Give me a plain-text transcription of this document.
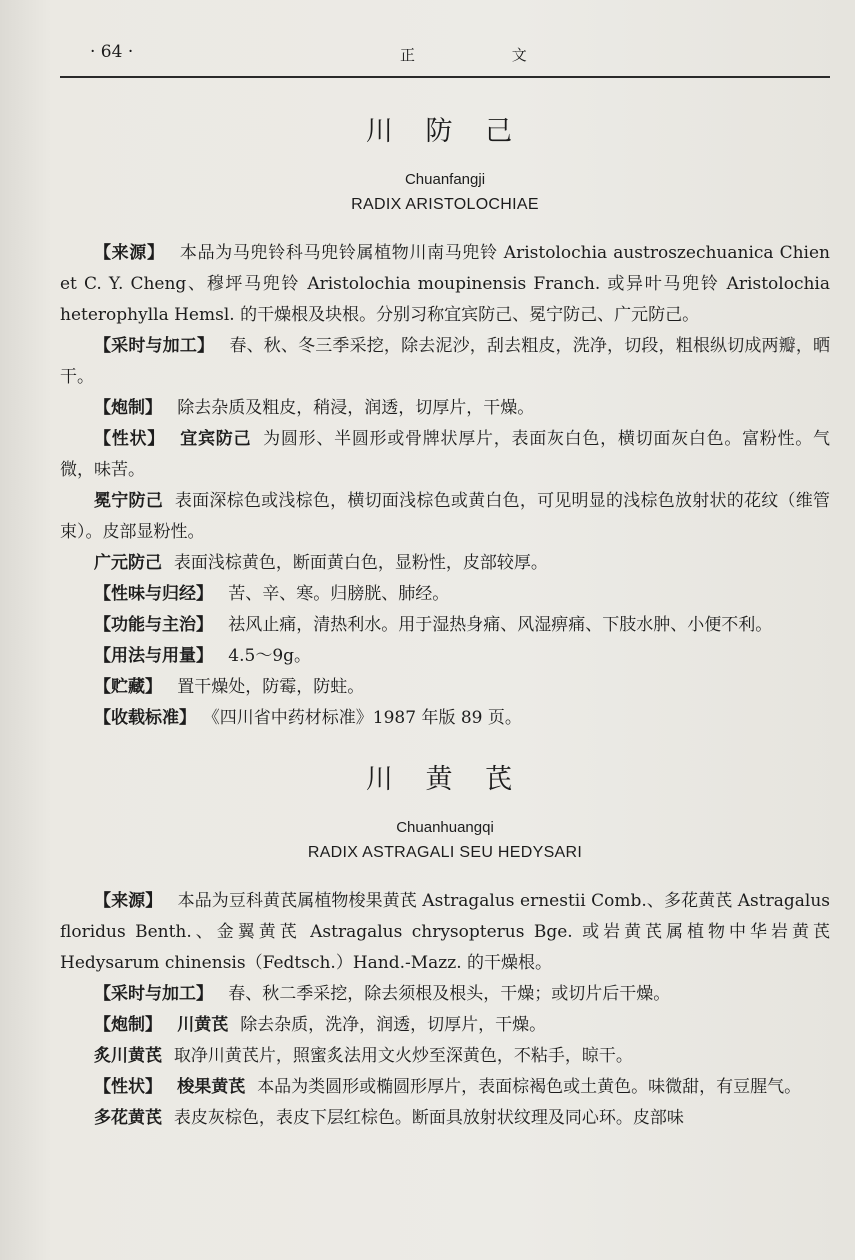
· 64 ·	正 文
川 防 己

Chuanfangji

RADIX ARISTOLOCHIAE

【来源】 本品为马兜铃科马兜铃属植物川南马兜铃 Aristolochia austroszechuanica Chien et C. Y. Cheng、穆坪马兜铃 Aristolochia moupinensis Franch. 或异叶马兜铃 Aristolochia heterophylla Hemsl. 的干燥根及块根。分别习称宜宾防己、冕宁防己、广元防己。

【采时与加工】 春、秋、冬三季采挖，除去泥沙，刮去粗皮，洗净，切段，粗根纵切成两瓣，晒干。

【炮制】 除去杂质及粗皮，稍浸，润透，切厚片，干燥。

【性状】 宜宾防己 为圆形、半圆形或骨牌状厚片，表面灰白色，横切面灰白色。富粉性。气微，味苦。

冕宁防己 表面深棕色或浅棕色，横切面浅棕色或黄白色，可见明显的浅棕色放射状的花纹（维管束）。皮部显粉性。

广元防己 表面浅棕黄色，断面黄白色，显粉性，皮部较厚。

【性味与归经】 苦、辛、寒。归膀胱、肺经。

【功能与主治】 祛风止痛，清热利水。用于湿热身痛、风湿痹痛、下肢水肿、小便不利。

【用法与用量】 4.5～9g。

【贮藏】 置干燥处，防霉，防蛀。

【收载标准】 《四川省中药材标准》1987 年版 89 页。

川 黄 芪

Chuanhuangqi

RADIX ASTRAGALI SEU HEDYSARI

【来源】 本品为豆科黄芪属植物梭果黄芪 Astragalus ernestii Comb.、多花黄芪 Astragalus floridus Benth.、金翼黄芪 Astragalus chrysopterus Bge. 或岩黄芪属植物中华岩黄芪 Hedysarum chinensis（Fedtsch.）Hand.-Mazz. 的干燥根。

【采时与加工】 春、秋二季采挖，除去须根及根头，干燥；或切片后干燥。

【炮制】 川黄芪 除去杂质，洗净，润透，切厚片，干燥。

炙川黄芪 取净川黄芪片，照蜜炙法用文火炒至深黄色，不粘手，晾干。

【性状】 梭果黄芪 本品为类圆形或椭圆形厚片，表面棕褐色或土黄色。味微甜，有豆腥气。

多花黄芪 表皮灰棕色，表皮下层红棕色。断面具放射状纹理及同心环。皮部味
